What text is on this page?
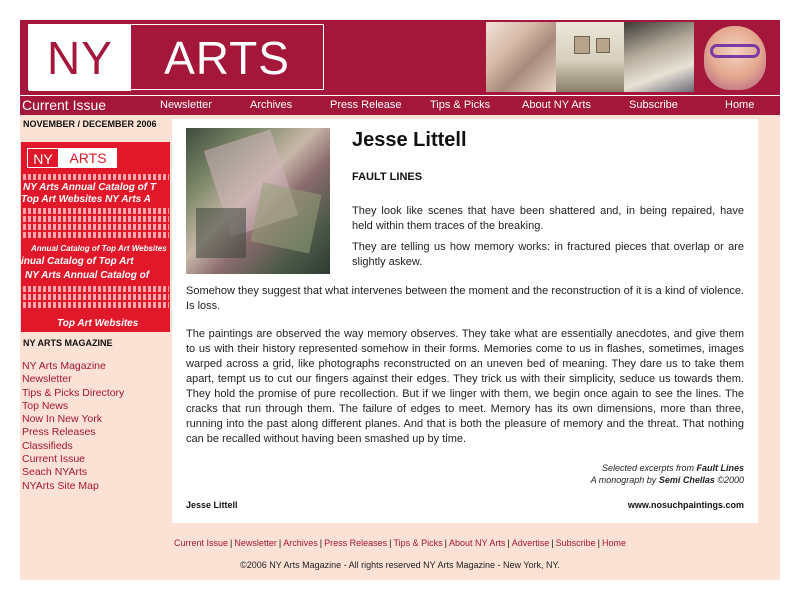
NY	ARTS
Current Issue	Newsletter	Archives	Press Release	Tips & Picks	About NY Arts	Subscribe	Home
NOVEMBER / DECEMBER 2006
NY	ARTS
NY Arts Annual Catalog of T
Top Art Websites NY Arts A
Annual Catalog of Top Art Websites
inual Catalog of Top Art
NY Arts Annual Catalog of
Top Art Websites
NY ARTS MAGAZINE
NY Arts Magazine
Newsletter
Tips & Picks Directory
Top News
Now In New York
Press Releases
Classifieds
Current Issue
Seach NYArts
NYArts Site Map
Jesse Littell
FAULT LINES

They look like scenes that have been shattered and, in being repaired, have held within them traces of the breaking.

They are telling us how memory works: in fractured pieces that overlap or are slightly askew.

Somehow they suggest that what intervenes between the moment and the reconstruction of it is a kind of violence. Is loss.

The paintings are observed the way memory observes. They take what are essentially anecdotes, and give them to us with their history represented somehow in their forms. Memories come to us in flashes, sometimes, images warped across a grid, like photographs reconstructed on an uneven bed of meaning. They dare us to take them apart, tempt us to cut our fingers against their edges. They trick us with their simplicity, seduce us towards them. They hold the promise of pure recollection. But if we linger with them, we begin once again to see the lines. The cracks that run through them. The failure of edges to meet. Memory has its own dimensions, more than three, running into the past along different planes. And that is both the pleasure of memory and the threat. That nothing can be recalled without having been smashed up by time.

Selected excerpts from Fault Lines
A monograph by Semi Chellas ©2000
Jesse Littell	www.nosuchpaintings.com
Current Issue | Newsletter | Archives | Press Releases | Tips & Picks | About NY Arts | Advertise | Subscribe | Home
©2006 NY Arts Magazine - All rights reserved NY Arts Magazine - New York, NY.
